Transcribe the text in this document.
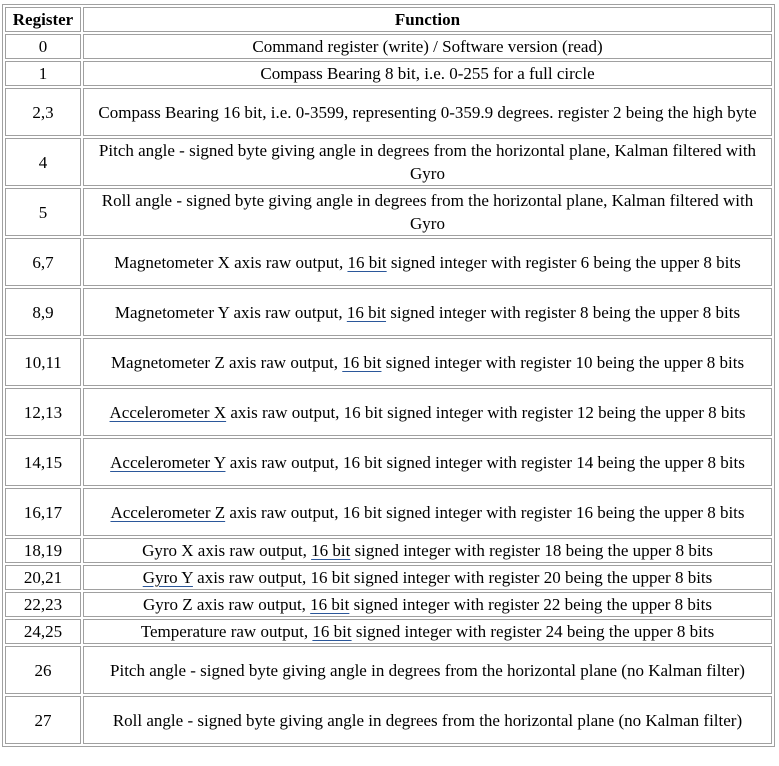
Register	Function
0	Command register (write) / Software version (read)
1	Compass Bearing 8 bit, i.e. 0-255 for a full circle
2,3	Compass Bearing 16 bit, i.e. 0-3599, representing 0-359.9 degrees. register 2 being the high byte
4	Pitch angle - signed byte giving angle in degrees from the horizontal plane, Kalman filtered with Gyro
5	Roll angle - signed byte giving angle in degrees from the horizontal plane, Kalman filtered with Gyro
6,7	Magnetometer X axis raw output, 16 bit signed integer with register 6 being the upper 8 bits
8,9	Magnetometer Y axis raw output, 16 bit signed integer with register 8 being the upper 8 bits
10,11	Magnetometer Z axis raw output, 16 bit signed integer with register 10 being the upper 8 bits
12,13	Accelerometer X axis raw output, 16 bit signed integer with register 12 being the upper 8 bits
14,15	Accelerometer Y axis raw output, 16 bit signed integer with register 14 being the upper 8 bits
16,17	Accelerometer Z axis raw output, 16 bit signed integer with register 16 being the upper 8 bits
18,19	Gyro X axis raw output, 16 bit signed integer with register 18 being the upper 8 bits
20,21	Gyro Y axis raw output, 16 bit signed integer with register 20 being the upper 8 bits
22,23	Gyro Z axis raw output, 16 bit signed integer with register 22 being the upper 8 bits
24,25	Temperature raw output, 16 bit signed integer with register 24 being the upper 8 bits
26	Pitch angle - signed byte giving angle in degrees from the horizontal plane (no Kalman filter)
27	Roll angle - signed byte giving angle in degrees from the horizontal plane (no Kalman filter)
